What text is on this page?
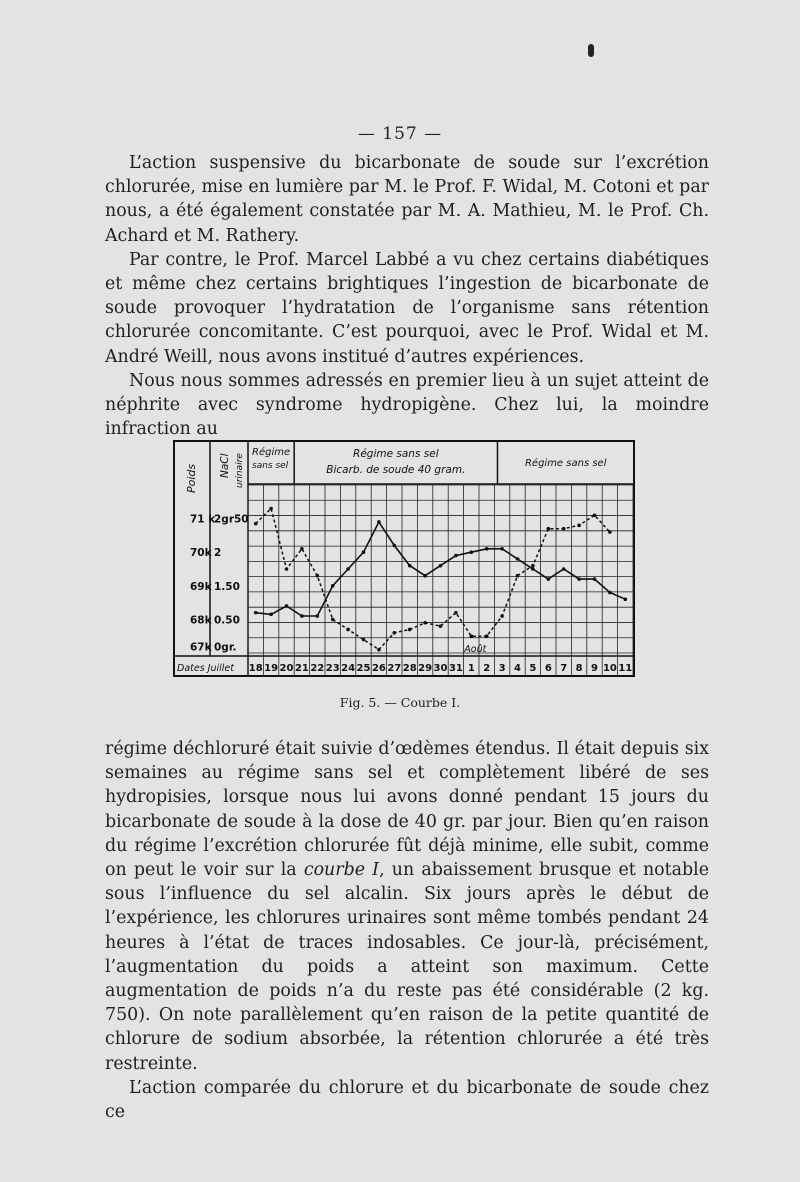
— 157 —

L’action suspensive du bicarbonate de soude sur l’excrétion chlorurée, mise en lumière par M. le Prof. F. Widal, M. Cotoni et par nous, a été également constatée par M. A. Mathieu, M. le Prof. Ch. Achard et M. Rathery.

Par contre, le Prof. Marcel Labbé a vu chez certains diabétiques et même chez certains brightiques l’ingestion de bicarbonate de soude provoquer l’hydratation de l’organisme sans rétention chlorurée concomitante. C’est pourquoi, avec le Prof. Widal et M. André Weill, nous avons institué d’autres expériences.

Nous nous sommes adressés en premier lieu à un sujet atteint de néphrite avec syndrome hydropigène. Chez lui, la moindre infraction au

Régime
sans sel
Régime sans sel
Bicarb. de soude 40 gram.
Régime sans sel
Poids NaCl urinaire
71 k
70k
69k
68k
67k
2gr50
2
1.50
0.50
0gr.
Dates Juillet 18 19 20 21 22 23 24 25 26 27 28 29 30 31 1 2 3 4 5 6 7 8 9 10 11
Août
Fig. 5. — Courbe I.

régime déchloruré était suivie d’œdèmes étendus. Il était depuis six semaines au régime sans sel et complètement libéré de ses hydropisies, lorsque nous lui avons donné pendant 15 jours du bicarbonate de soude à la dose de 40 gr. par jour. Bien qu’en raison du régime l’excrétion chlorurée fût déjà minime, elle subit, comme on peut le voir sur la courbe I, un abaissement brusque et notable sous l’influence du sel alcalin. Six jours après le début de l’expérience, les chlorures urinaires sont même tombés pendant 24 heures à l’état de traces indosables. Ce jour-là, précisément, l’augmentation du poids a atteint son maximum. Cette augmentation de poids n’a du reste pas été considérable (2 kg. 750). On note parallèlement qu’en raison de la petite quantité de chlorure de sodium absorbée, la rétention chlorurée a été très restreinte.

L’action comparée du chlorure et du bicarbonate de soude chez ce
